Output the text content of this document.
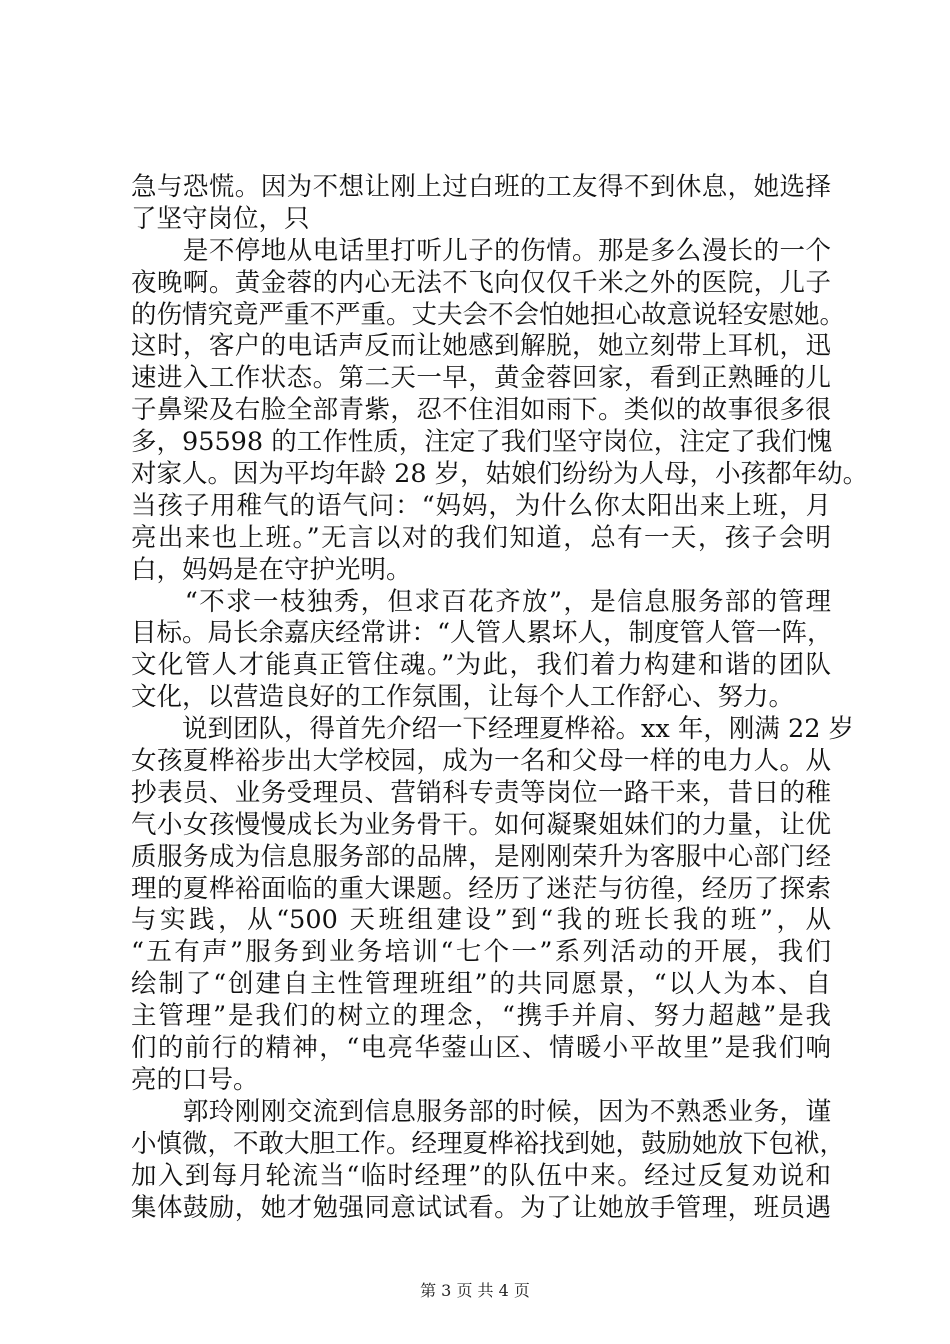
急与恐慌。因为不想让刚上过白班的工友得不到休息，她选择
了坚守岗位，只
　　是不停地从电话里打听儿子的伤情。那是多么漫长的一个
夜晚啊。黄金蓉的内心无法不飞向仅仅千米之外的医院，儿子
的伤情究竟严重不严重。丈夫会不会怕她担心故意说轻安慰她。
这时，客户的电话声反而让她感到解脱，她立刻带上耳机，迅
速进入工作状态。第二天一早，黄金蓉回家，看到正熟睡的儿
子鼻梁及右脸全部青紫，忍不住泪如雨下。类似的故事很多很
多，95598 的工作性质，注定了我们坚守岗位，注定了我们愧
对家人。因为平均年龄 28 岁，姑娘们纷纷为人母，小孩都年幼。
当孩子用稚气的语气问：“妈妈，为什么你太阳出来上班，月
亮出来也上班。”无言以对的我们知道，总有一天，孩子会明
白，妈妈是在守护光明。
　　“不求一枝独秀，但求百花齐放”，是信息服务部的管理
目标。局长余嘉庆经常讲：“人管人累坏人，制度管人管一阵，
文化管人才能真正管住魂。”为此，我们着力构建和谐的团队
文化，以营造良好的工作氛围，让每个人工作舒心、努力。
　　说到团队，得首先介绍一下经理夏桦裕。xx 年，刚满 22 岁
女孩夏桦裕步出大学校园，成为一名和父母一样的电力人。从
抄表员、业务受理员、营销科专责等岗位一路干来，昔日的稚
气小女孩慢慢成长为业务骨干。如何凝聚姐妹们的力量，让优
质服务成为信息服务部的品牌，是刚刚荣升为客服中心部门经
理的夏桦裕面临的重大课题。经历了迷茫与彷徨，经历了探索
与实践，从“500 天班组建设”到“我的班长我的班”，从
“五有声”服务到业务培训“七个一”系列活动的开展，我们
绘制了“创建自主性管理班组”的共同愿景，“以人为本、自
主管理”是我们的树立的理念，“携手并肩、努力超越”是我
们的前行的精神，“电亮华蓥山区、情暖小平故里”是我们响
亮的口号。
　　郭玲刚刚交流到信息服务部的时候，因为不熟悉业务，谨
小慎微，不敢大胆工作。经理夏桦裕找到她，鼓励她放下包袱，
加入到每月轮流当“临时经理”的队伍中来。经过反复劝说和
集体鼓励，她才勉强同意试试看。为了让她放手管理，班员遇
第 3 页 共 4 页
